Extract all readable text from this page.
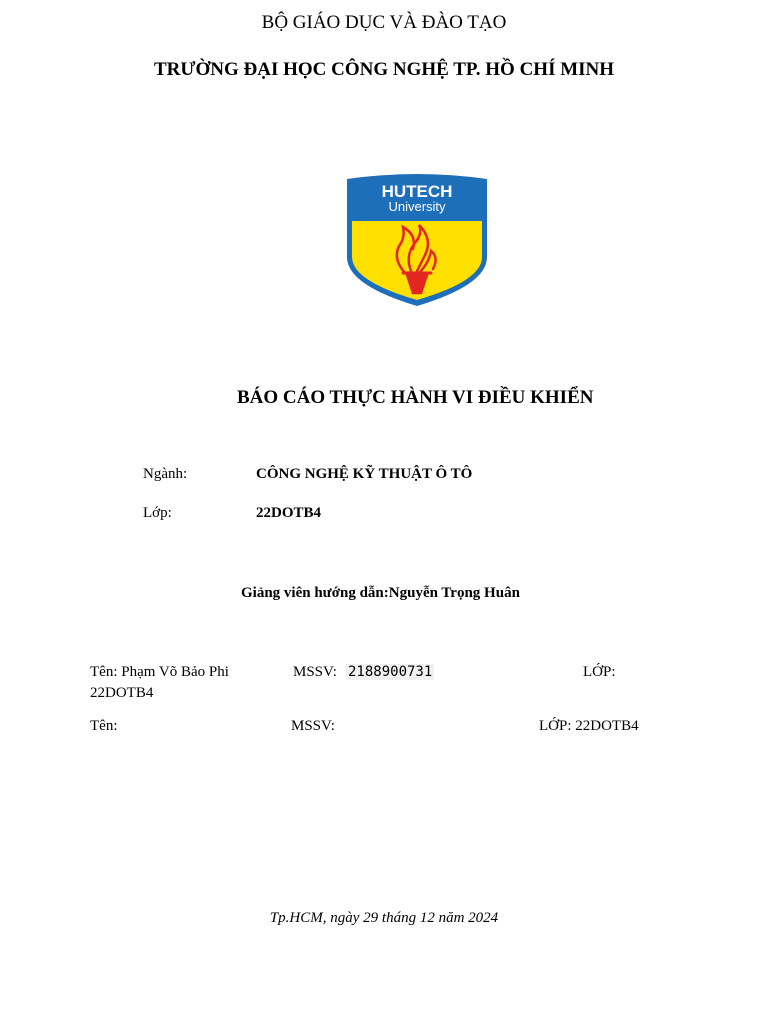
BỘ GIÁO DỤC VÀ ĐÀO TẠO
TRƯỜNG ĐẠI HỌC CÔNG NGHỆ TP. HỒ CHÍ MINH
HUTECH
University
BÁO CÁO THỰC HÀNH VI ĐIỀU KHIỂN
Ngành:	CÔNG NGHỆ KỸ THUẬT Ô TÔ
Lớp:	22DOTB4
Giảng viên hướng dẫn:Nguyễn Trọng Huân
Tên: Phạm Võ Bảo Phi	MSSV: 2188900731	LỚP:
22DOTB4
Tên:	MSSV:	LỚP: 22DOTB4
Tp.HCM, ngày 29 tháng 12 năm 2024
